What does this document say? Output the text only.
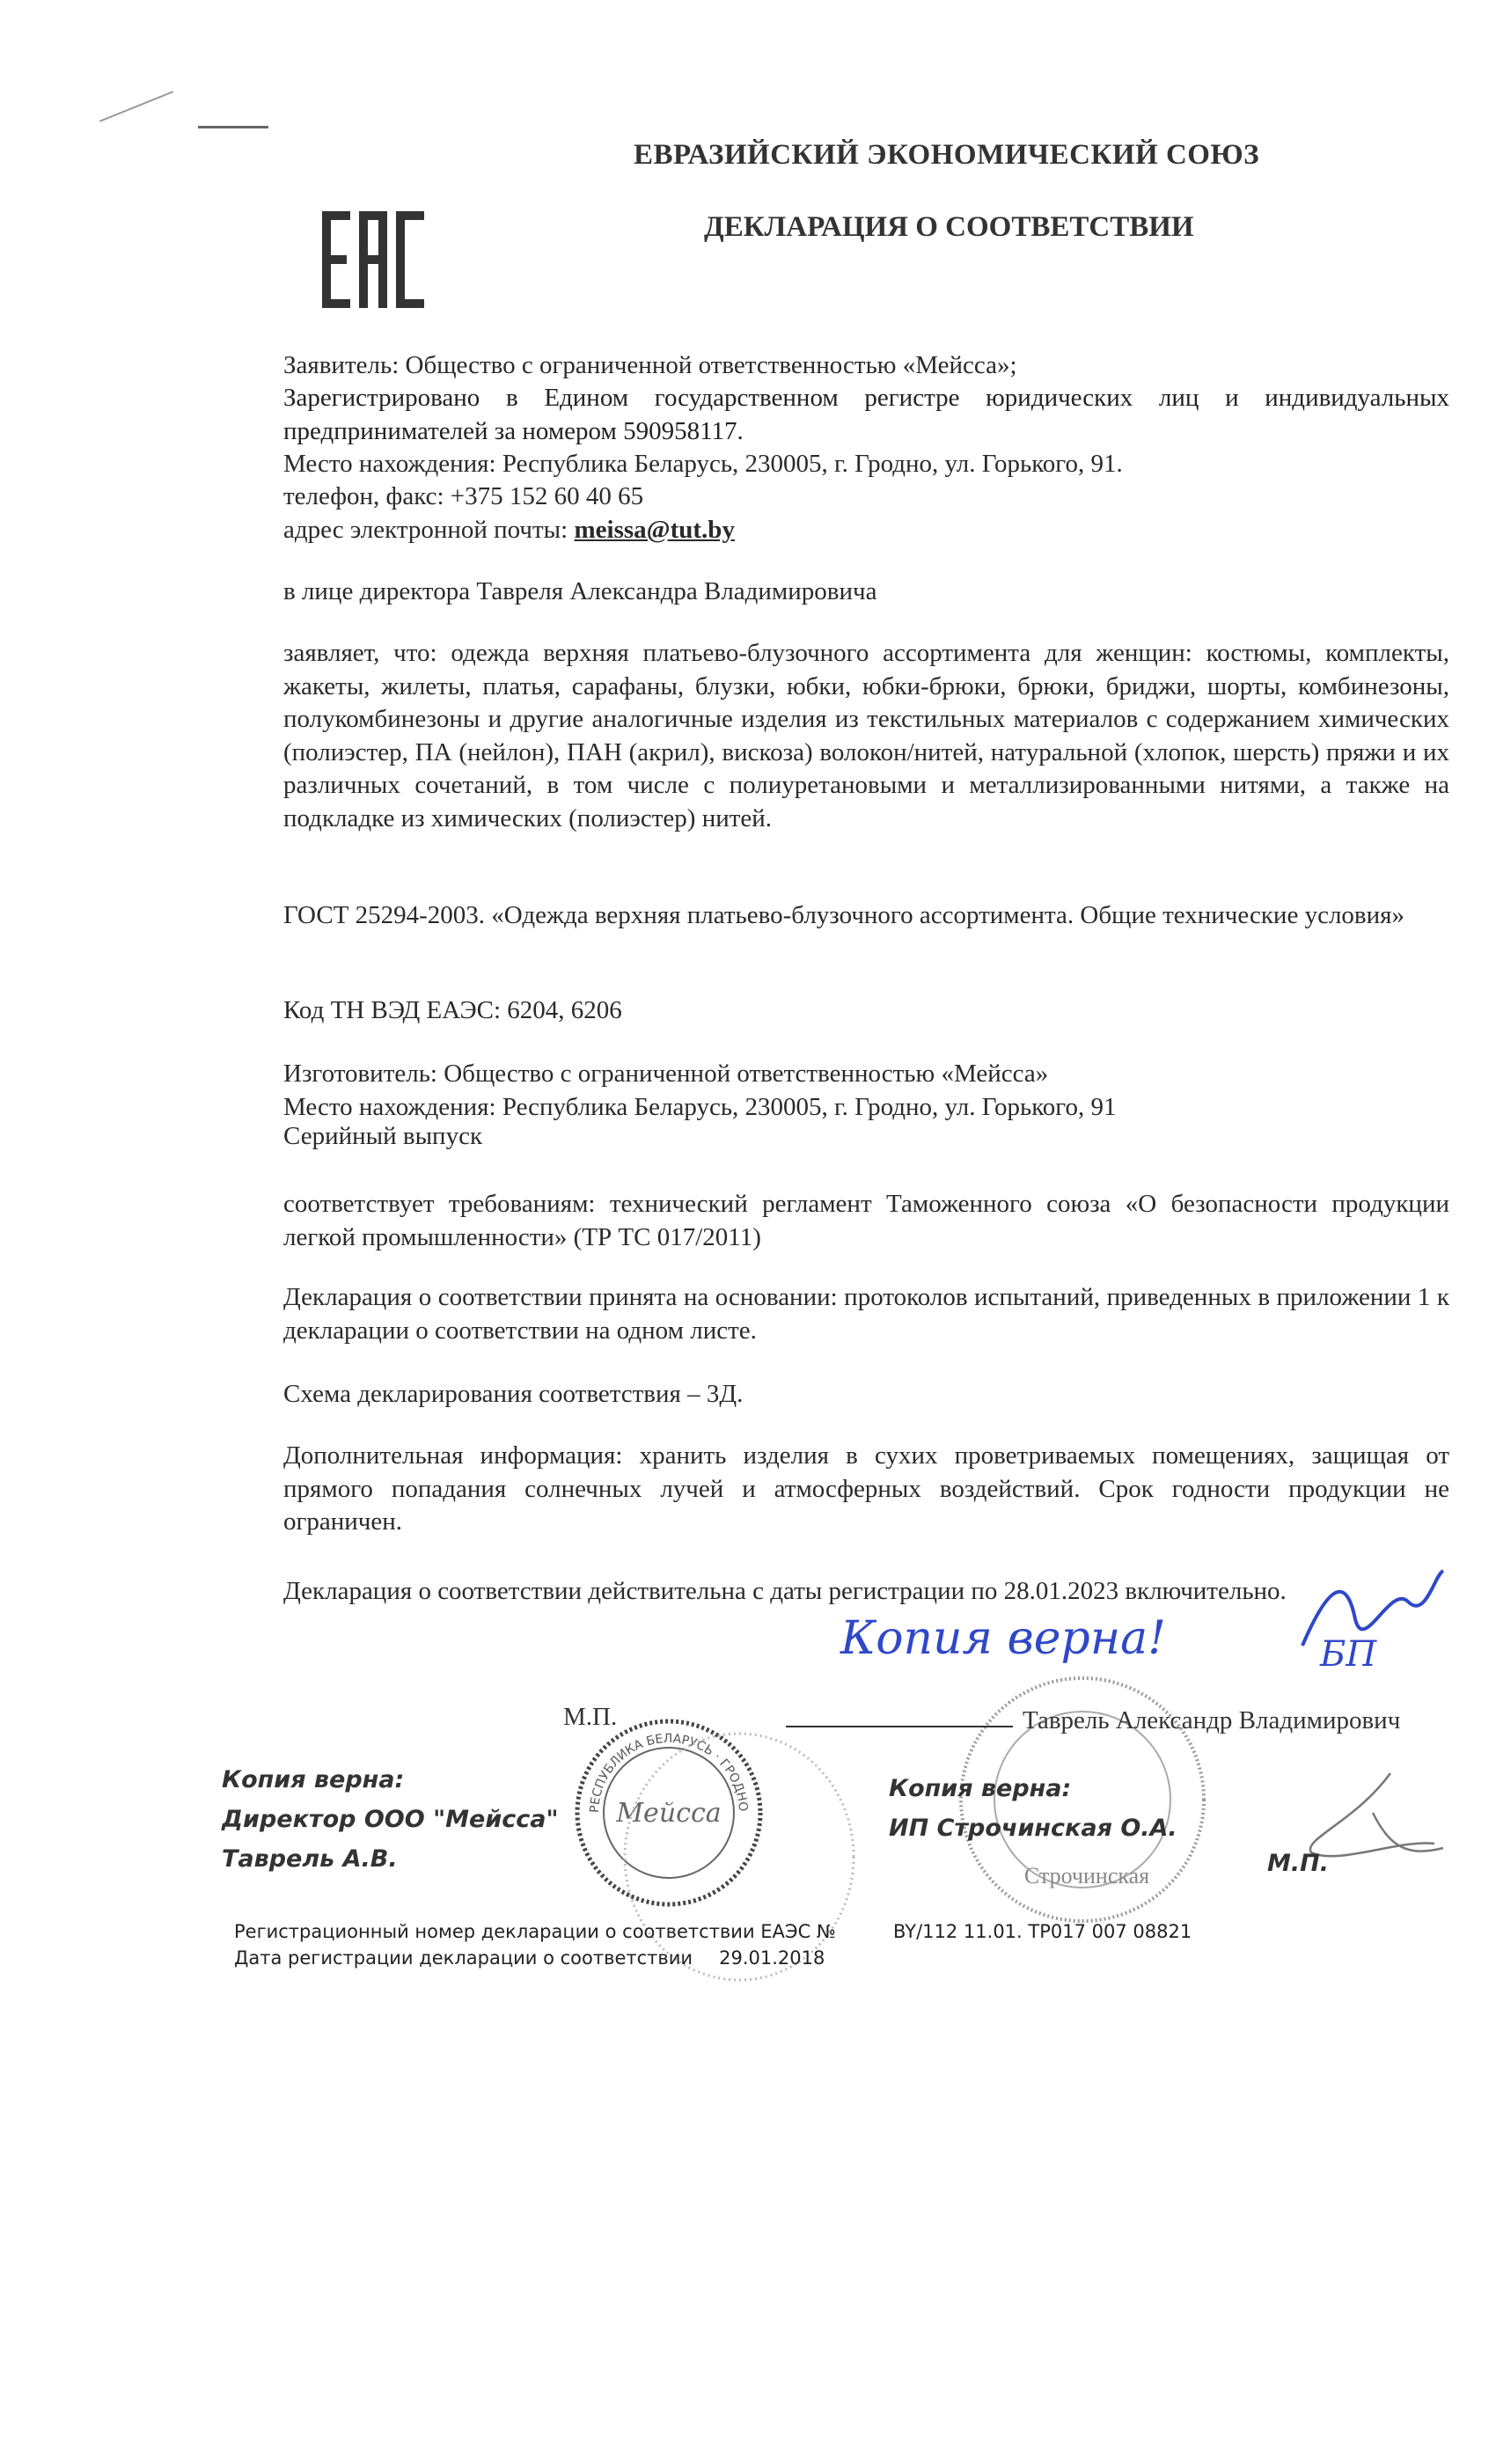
ЕВРАЗИЙСКИЙ ЭКОНОМИЧЕСКИЙ СОЮЗ
ДЕКЛАРАЦИЯ О СООТВЕТСТВИИ
Заявитель: Общество с ограниченной ответственностью «Мейсса»;
Зарегистрировано в Едином государственном регистре юридических лиц и индивидуальных предпринимателей за номером 590958117.
Место нахождения: Республика Беларусь, 230005, г. Гродно, ул. Горького, 91.
телефон, факс: +375 152 60 40 65
адрес электронной почты: meissa@tut.by
в лице директора Тавреля Александра Владимировича
заявляет, что: одежда верхняя платьево-блузочного ассортимента для женщин: костюмы, комплекты, жакеты, жилеты, платья, сарафаны, блузки, юбки, юбки-брюки, брюки, бриджи, шорты, комбинезоны, полукомбинезоны и другие аналогичные изделия из текстильных материалов с содержанием химических (полиэстер, ПА (нейлон), ПАН (акрил), вискоза) волокон/нитей, натуральной (хлопок, шерсть) пряжи и их различных сочетаний, в том числе с полиуретановыми и металлизированными нитями, а также на подкладке из химических (полиэстер) нитей.
ГОСТ 25294-2003. «Одежда верхняя платьево-блузочного ассортимента. Общие технические условия»
Код ТН ВЭД ЕАЭС: 6204, 6206
Изготовитель: Общество с ограниченной ответственностью «Мейсса»
Место нахождения: Республика Беларусь, 230005, г. Гродно, ул. Горького, 91
Серийный выпуск
соответствует требованиям: технический регламент Таможенного союза «О безопасности продукции легкой промышленности» (ТР ТС 017/2011)
Декларация о соответствии принята на основании: протоколов испытаний, приведенных в приложении 1 к декларации о соответствии на одном листе.
Схема декларирования соответствия – 3Д.
Дополнительная информация: хранить изделия в сухих проветриваемых помещениях, защищая от прямого попадания солнечных лучей и атмосферных воздействий. Срок годности продукции не ограничен.
Декларация о соответствии действительна с даты регистрации по 28.01.2023 включительно.
РЕСПУБЛИКА БЕЛАРУСЬ · ГРОДНО
Мейсса
Строчинская
М.П.	Таврель Александр Владимирович
Копия верна!	БП
Копия верна:
Директор ООО "Мейсса"
Таврель А.В.
Копия верна:
ИП Строчинская О.А.
М.П.
Регистрационный номер декларации о соответствии ЕАЭС №
Дата регистрации декларации о соответствии 29.01.2018
BY/112 11.01. ТР017 007 08821
